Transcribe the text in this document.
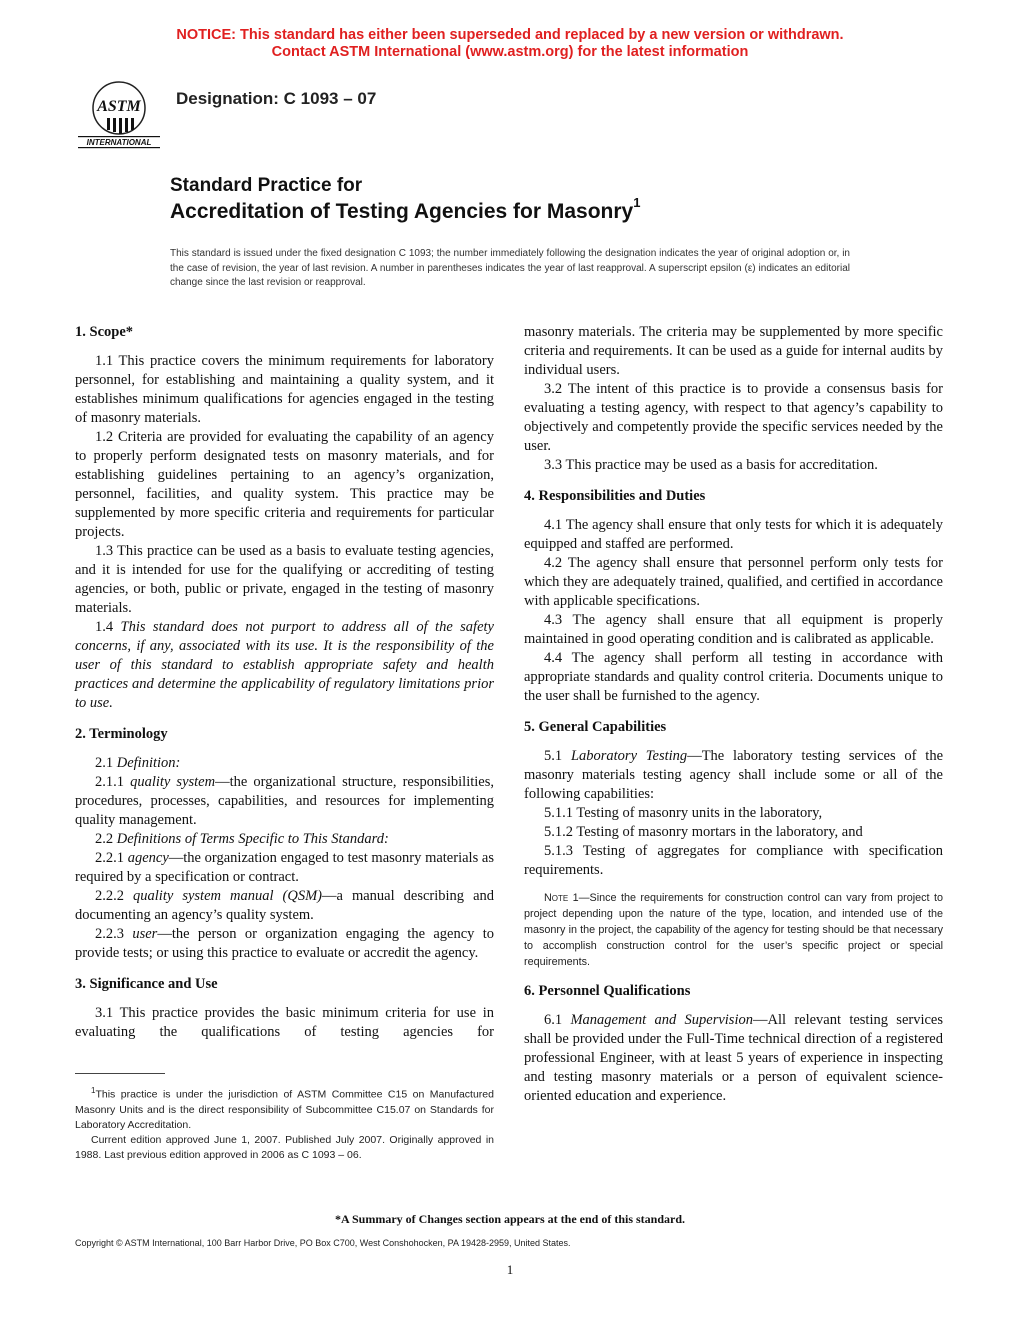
NOTICE: This standard has either been superseded and replaced by a new version or withdrawn.
Contact ASTM International (www.astm.org) for the latest information
ASTM
INTERNATIONAL
Designation: C 1093 – 07
Standard Practice for
Accreditation of Testing Agencies for Masonry$^1$
This standard is issued under the fixed designation C 1093; the number immediately following the designation indicates the year of original adoption or, in the case of revision, the year of last revision. A number in parentheses indicates the year of last reapproval. A superscript epsilon (ε) indicates an editorial change since the last revision or reapproval.
1. Scope*

1.1 This practice covers the minimum requirements for laboratory personnel, for establishing and maintaining a quality system, and it establishes minimum qualifications for agencies engaged in the testing of masonry materials.

1.2 Criteria are provided for evaluating the capability of an agency to properly perform designated tests on masonry materials, and for establishing guidelines pertaining to an agency’s organization, personnel, facilities, and quality system. This practice may be supplemented by more specific criteria and requirements for particular projects.

1.3 This practice can be used as a basis to evaluate testing agencies, and it is intended for use for the qualifying or accrediting of testing agencies, or both, public or private, engaged in the testing of masonry materials.

1.4 This standard does not purport to address all of the safety concerns, if any, associated with its use. It is the responsibility of the user of this standard to establish appropriate safety and health practices and determine the applicability of regulatory limitations prior to use.

2. Terminology

2.1 Definition:

2.1.1 quality system—the organizational structure, responsibilities, procedures, processes, capabilities, and resources for implementing quality management.

2.2 Definitions of Terms Specific to This Standard:

2.2.1 agency—the organization engaged to test masonry materials as required by a specification or contract.

2.2.2 quality system manual (QSM)—a manual describing and documenting an agency’s quality system.

2.2.3 user—the person or organization engaging the agency to provide tests; or using this practice to evaluate or accredit the agency.

3. Significance and Use

3.1 This practice provides the basic minimum criteria for use in evaluating the qualifications of testing agencies for

$^1$This practice is under the jurisdiction of ASTM Committee C15 on Manufactured Masonry Units and is the direct responsibility of Subcommittee C15.07 on Standards for Laboratory Accreditation.

Current edition approved June 1, 2007. Published July 2007. Originally approved in 1988. Last previous edition approved in 2006 as C 1093 – 06.

masonry materials. The criteria may be supplemented by more specific criteria and requirements. It can be used as a guide for internal audits by individual users.

3.2 The intent of this practice is to provide a consensus basis for evaluating a testing agency, with respect to that agency’s capability to objectively and competently provide the specific services needed by the user.

3.3 This practice may be used as a basis for accreditation.

4. Responsibilities and Duties

4.1 The agency shall ensure that only tests for which it is adequately equipped and staffed are performed.

4.2 The agency shall ensure that personnel perform only tests for which they are adequately trained, qualified, and certified in accordance with applicable specifications.

4.3 The agency shall ensure that all equipment is properly maintained in good operating condition and is calibrated as applicable.

4.4 The agency shall perform all testing in accordance with appropriate standards and quality control criteria. Documents unique to the user shall be furnished to the agency.

5. General Capabilities

5.1 Laboratory Testing—The laboratory testing services of the masonry materials testing agency shall include some or all of the following capabilities:

5.1.1 Testing of masonry units in the laboratory,

5.1.2 Testing of masonry mortars in the laboratory, and

5.1.3 Testing of aggregates for compliance with specification requirements.

Note 1—Since the requirements for construction control can vary from project to project depending upon the nature of the type, location, and intended use of the masonry in the project, the capability of the agency for testing should be that necessary to accomplish construction control for the user’s specific project or special requirements.
6. Personnel Qualifications

6.1 Management and Supervision—All relevant testing services shall be provided under the Full-Time technical direction of a registered professional Engineer, with at least 5 years of experience in inspecting and testing masonry materials or a person of equivalent science-oriented education and experience.

*A Summary of Changes section appears at the end of this standard.
Copyright © ASTM International, 100 Barr Harbor Drive, PO Box C700, West Conshohocken, PA 19428-2959, United States.
1
